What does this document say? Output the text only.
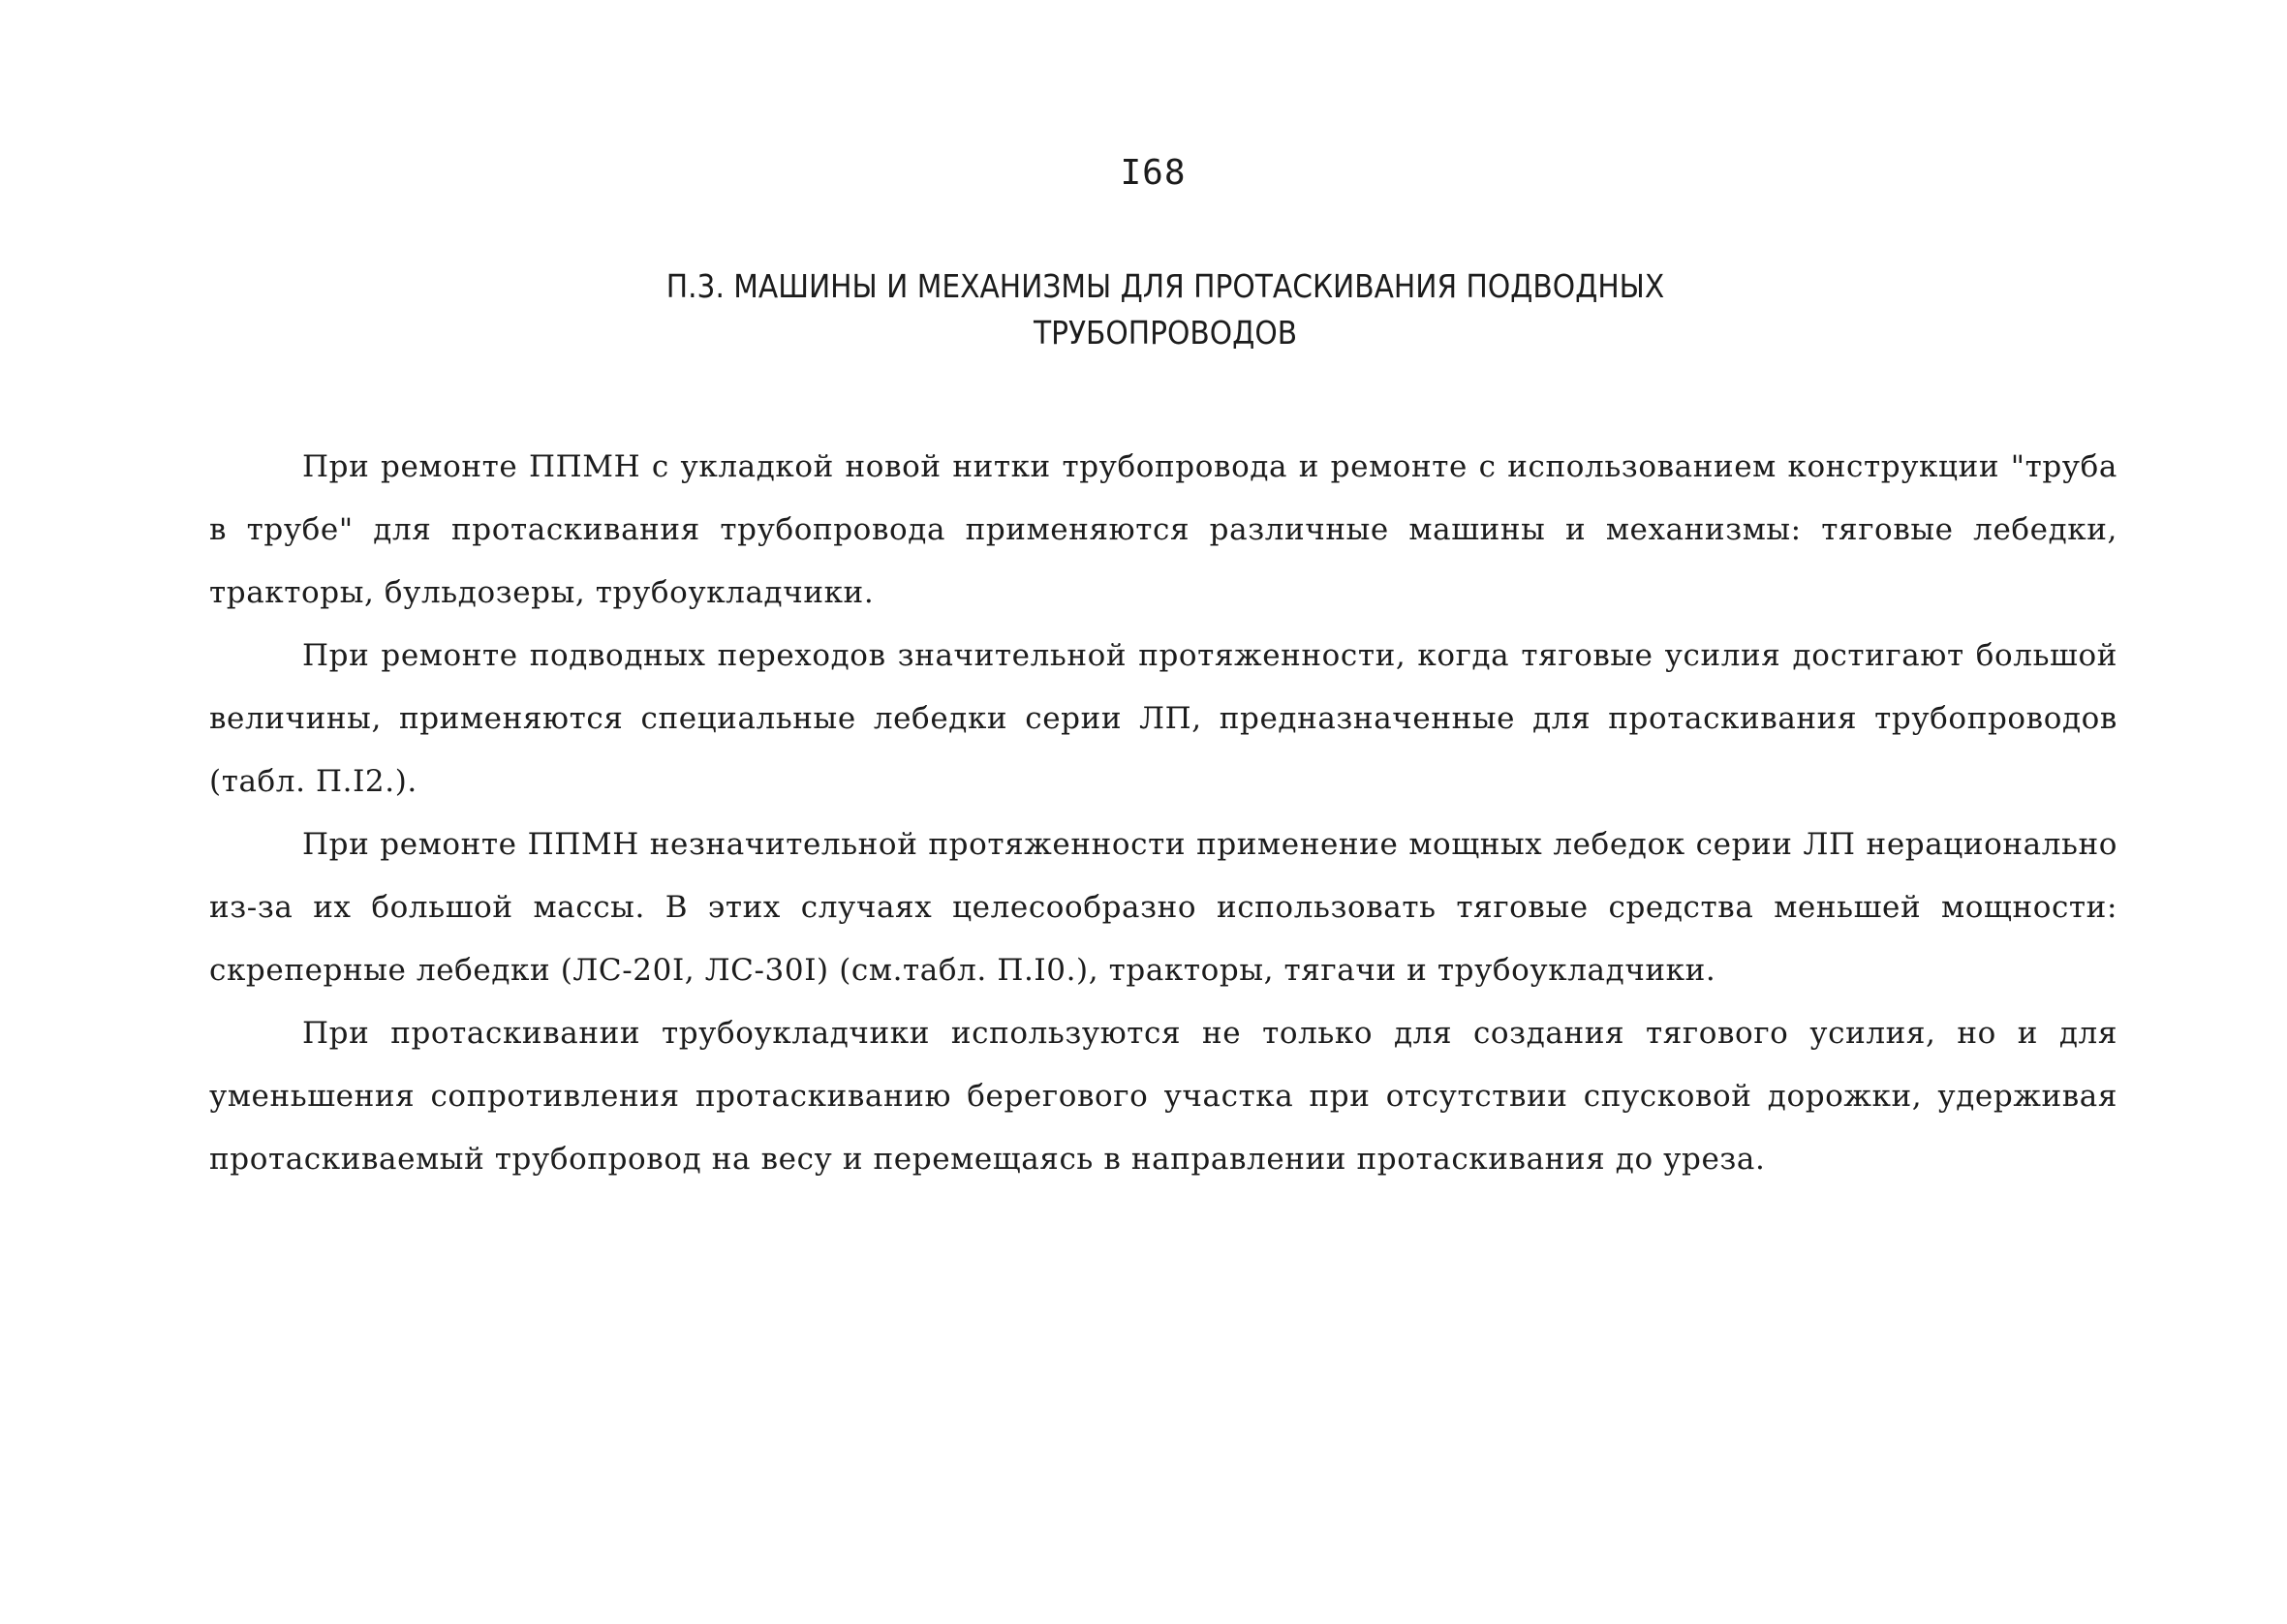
I68
П.3. МАШИНЫ И МЕХАНИЗМЫ ДЛЯ ПРОТАСКИВАНИЯ ПОДВОДНЫХ
ТРУБОПРОВОДОВ

При ремонте ППМН с укладкой новой нитки трубопровода и ремонте с использованием конструкции "труба в трубе" для протаскивания трубопровода применяются различные машины и механизмы: тяговые лебедки, тракторы, бульдозеры, трубоукладчики.

При ремонте подводных переходов значительной протяженности, когда тяговые усилия достигают большой величины, применяются специальные лебедки серии ЛП, предназначенные для протаскивания трубопроводов (табл. П.I2.).

При ремонте ППМН незначительной протяженности применение мощных лебедок серии ЛП нерационально из-за их большой массы. В этих случаях целесообразно использовать тяговые средства меньшей мощности: скреперные лебедки (ЛС-20I, ЛС-30I) (см.табл. П.I0.), тракторы, тягачи и трубоукладчики.

При протаскивании трубоукладчики используются не только для создания тягового усилия, но и для уменьшения сопротивления протаскиванию берегового участка при отсутствии спусковой дорожки, удерживая протаскиваемый трубопровод на весу и перемещаясь в направлении протаскивания до уреза.
